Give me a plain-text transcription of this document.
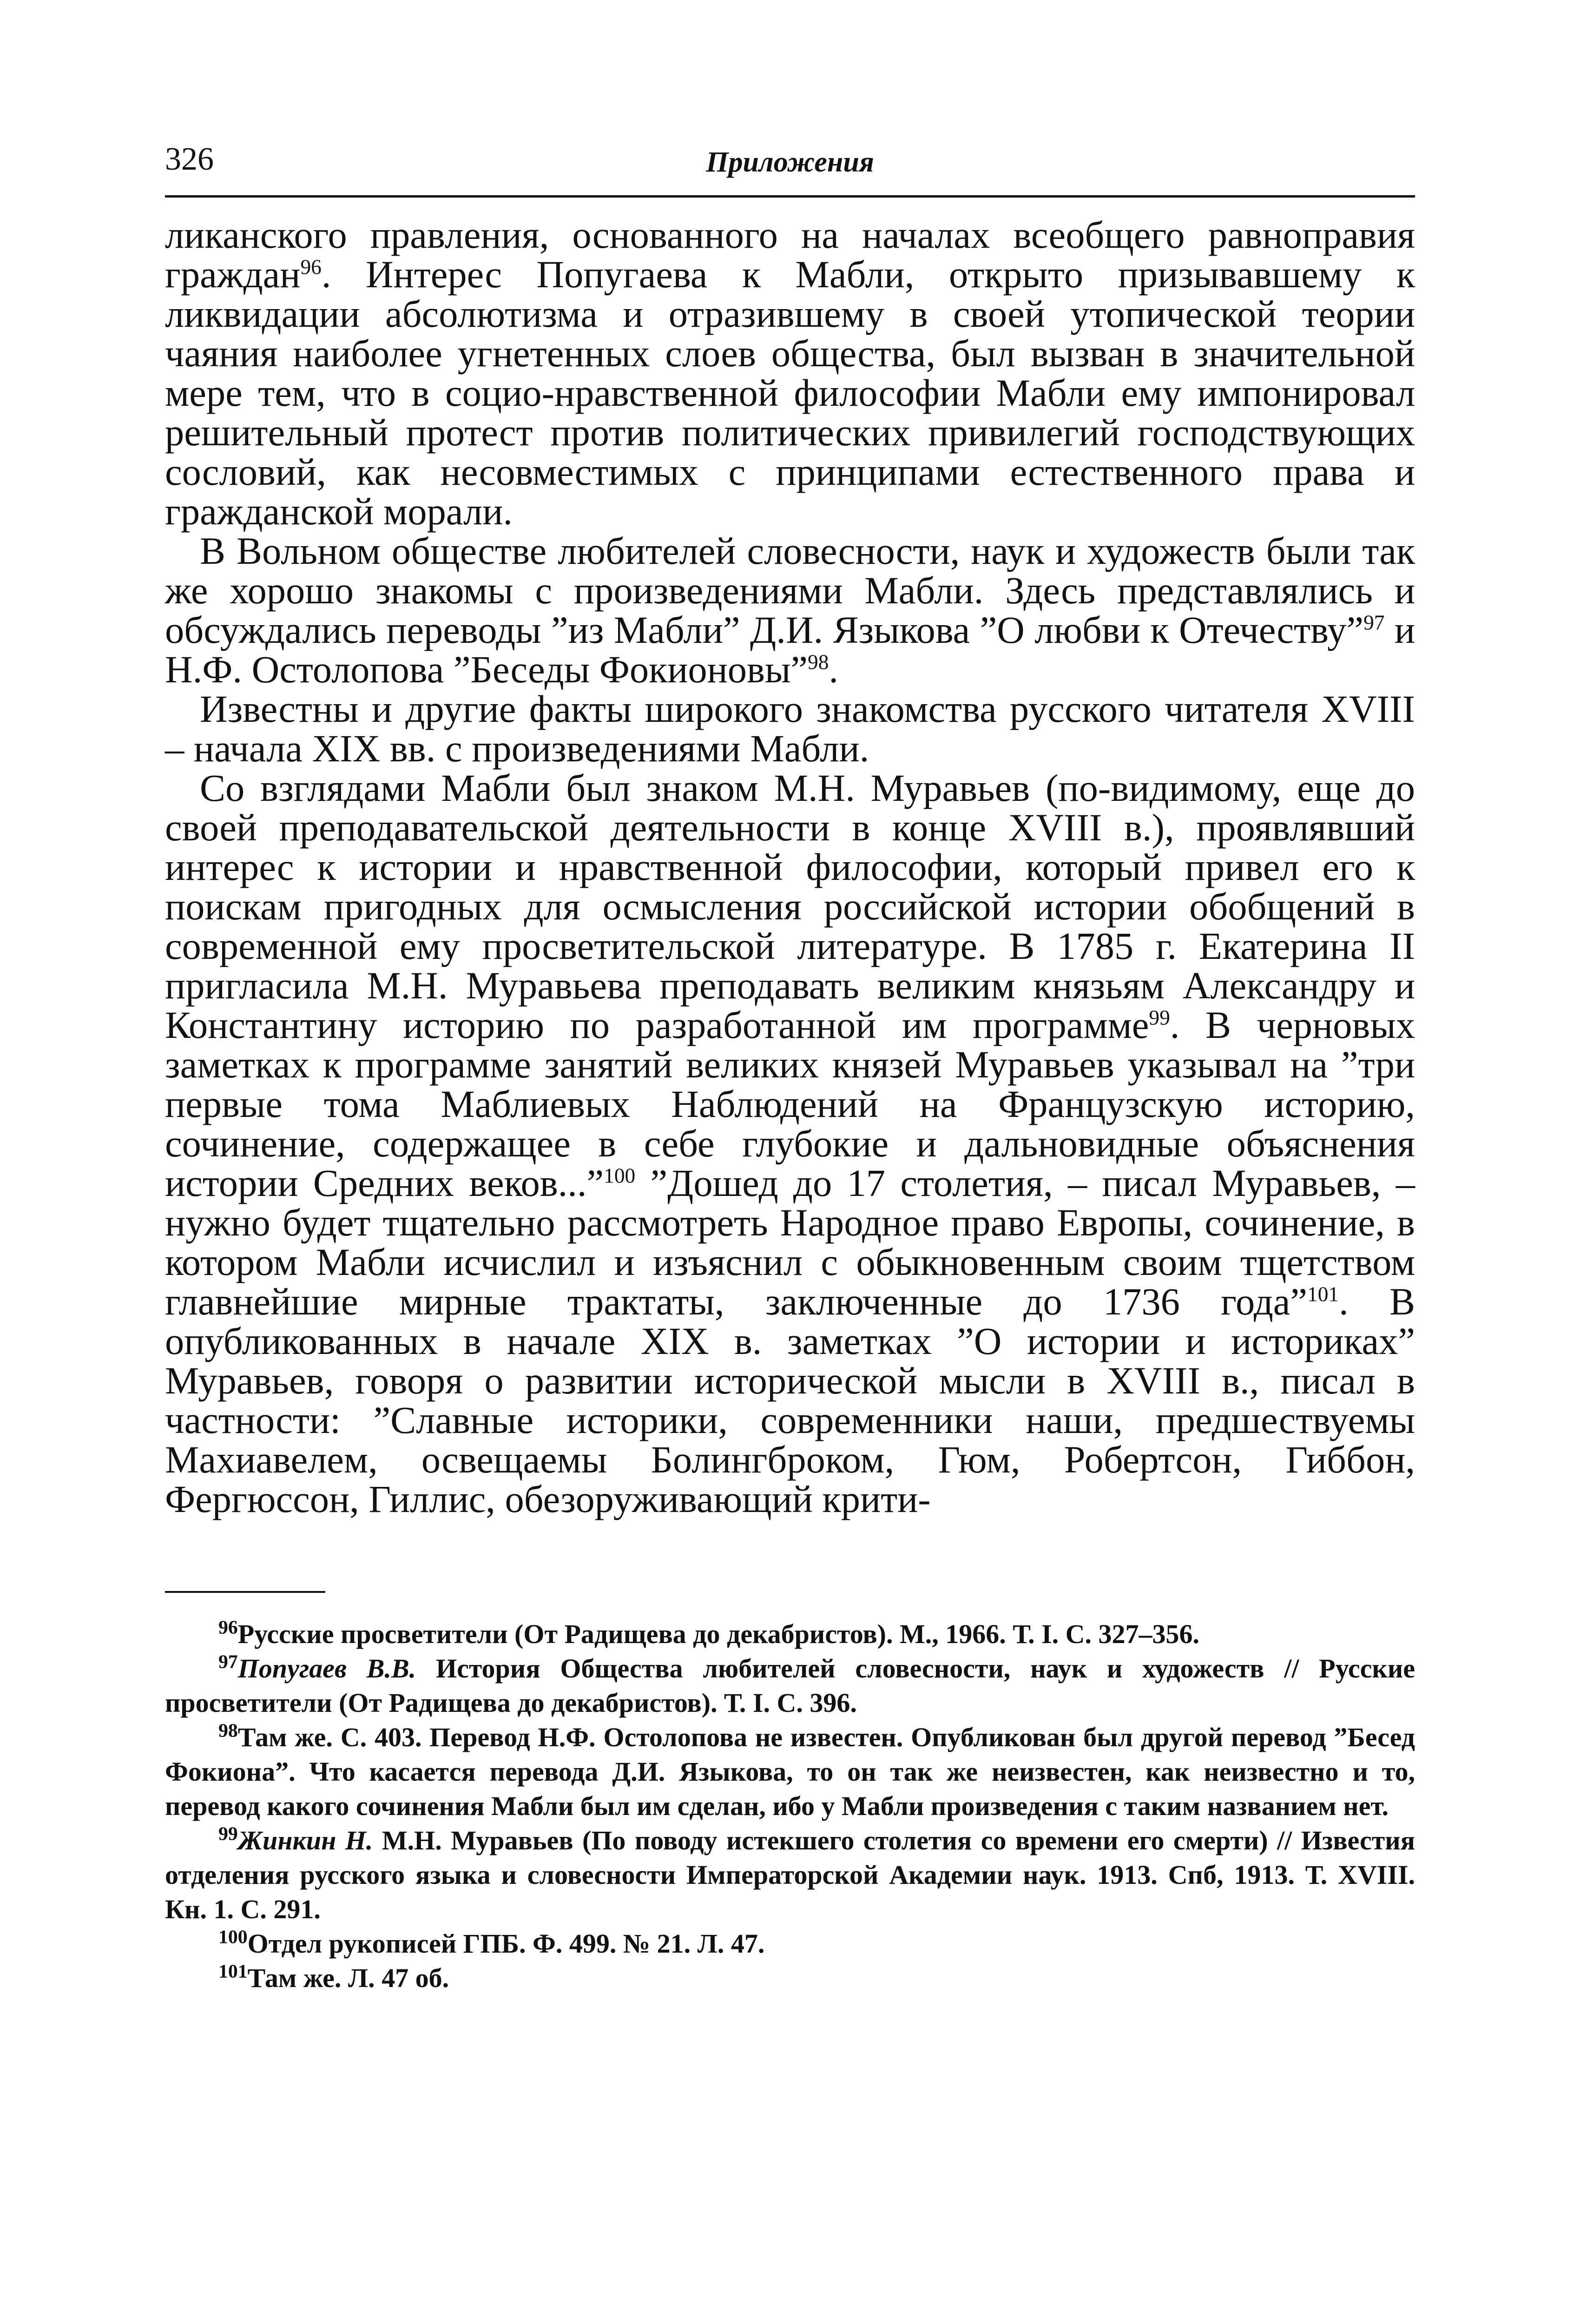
326	Приложения

ликанского правления, основанного на началах всеобщего равноправия граждан$^{96}$. Интерес Попугаева к Мабли, открыто призывавшему к ликвидации абсолютизма и отразившему в своей утопической теории чаяния наиболее угнетенных слоев общества, был вызван в значительной мере тем, что в социо-нравственной философии Мабли ему импонировал решительный протест против политических привилегий господствующих сословий, как несовместимых с принципами естественного права и гражданской морали.

В Вольном обществе любителей словесности, наук и художеств были так же хорошо знакомы с произведениями Мабли. Здесь представлялись и обсуждались переводы ”из Мабли” Д.И. Языкова ”О любви к Отечеству”$^{97}$ и Н.Ф. Остолопова ”Беседы Фокионовы”$^{98}$.

Известны и другие факты широкого знакомства русского читателя XVIII – начала XIX вв. с произведениями Мабли.

Со взглядами Мабли был знаком М.Н. Муравьев (по-видимому, еще до своей преподавательской деятельности в конце XVIII в.), проявлявший интерес к истории и нравственной философии, который привел его к поискам пригодных для осмысления российской истории обобщений в современной ему просветительской литературе. В 1785 г. Екатерина II пригласила М.Н. Муравьева преподавать великим князьям Александру и Константину историю по разработанной им программе$^{99}$. В черновых заметках к программе занятий великих князей Муравьев указывал на ”три первые тома Маблиевых Наблюдений на Французскую историю, сочинение, содержащее в себе глубокие и дальновидные объяснения истории Средних веков...”$^{100}$ ”Дошед до 17 столетия, – писал Муравьев, – нужно будет тщательно рассмотреть Народное право Европы, сочинение, в котором Мабли исчислил и изъяснил с обыкновенным своим тщетством главнейшие мирные трактаты, заключенные до 1736 года”$^{101}$. В опубликованных в начале XIX в. заметках ”О истории и историках” Муравьев, говоря о развитии исторической мысли в XVIII в., писал в частности: ”Славные историки, современники наши, предшествуемы Махиавелем, освещаемы Болингброком, Гюм, Робертсон, Гиббон, Фергюссон, Гиллис, обезоруживающий крити-

$^{96}$Русские просветители (От Радищева до декабристов). М., 1966. Т. I. С. 327–356.

$^{97}$Попугаев В.В. История Общества любителей словесности, наук и художеств // Русские просветители (От Радищева до декабристов). Т. I. С. 396.

$^{98}$Там же. С. 403. Перевод Н.Ф. Остолопова не известен. Опубликован был другой перевод ”Бесед Фокиона”. Что касается перевода Д.И. Языкова, то он так же неизвестен, как неизвестно и то, перевод какого сочинения Мабли был им сделан, ибо у Мабли произведения с таким названием нет.

$^{99}$Жинкин Н. М.Н. Муравьев (По поводу истекшего столетия со времени его смерти) // Известия отделения русского языка и словесности Императорской Академии наук. 1913. Спб, 1913. Т. XVIII. Кн. 1. С. 291.

$^{100}$Отдел рукописей ГПБ. Ф. 499. № 21. Л. 47.

$^{101}$Там же. Л. 47 об.
